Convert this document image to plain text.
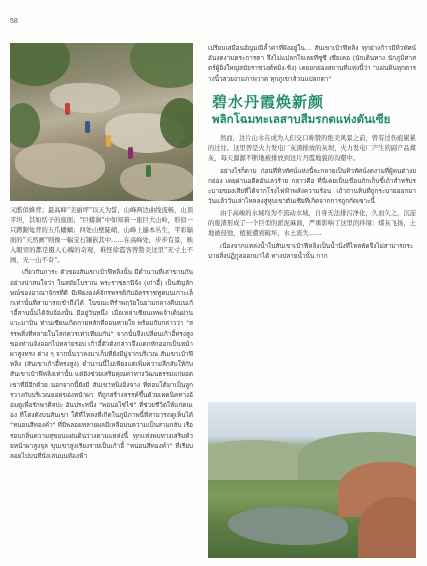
58

又酷似蜂背；最高峰“美丽坪”以天为誓，山峰两边曲线流畅，山顶平坦，其如恬子的座面；“巨蟒涧”中如知着一座巨大山岭，形似一只蹲踞龟背的五爪蟠螭；四处山壁陡峭，山峰上遍本丛生，平彩辐面的“天然画”则像一幅宝石镶嵌其中……在高峰处，步步有景，映入眼帘的都是摄人心魄的奇观，难怪徐霞客曾赞美这里“无寸土不画，无一山不奇”。

เกี่ยวกับภาระ ตัวของสันเขาเบ้าฟีหลิงนั้น มีตำนานที่เล่าขานกันอย่างน่าสนใจว่า ในสมัยโบราณ พระราชธานีจ้ง (เก่าอี้) เป็นสัญลักษณ์ของอาณาจักรที่ดี มีเพียงองค์จักรพรรดิกับอัครราชทูตบนเกาะเล็กเท่านั้นที่สามารถเข้าถึงได้ ในขณะที่รำพฤวัยในยามกลางคืนบนเก้าอี้สานนั้นได้จับจ้องนั้น มีอยู่วันหนึ่ง เมื่อเหล่าเซียนเทพเจ้าเดินผ่านแวะมาบิน ท่านเซียนเกิดกายหลักที่ถอนหายใจ พร้อมกับกล่าวว่า "สรรพสิ่งที่หลายในโลกควรเท่าเทียมกัน" จากนั้นจึงเปลี่ยนเก้าอี้ทรงสูงของท่านจ้งออกไปหลายรอบ เก้าอี้ตัวดังกล่าวจึงแตกหักออกเป็นหน้าผาสูงทรง ต่าง ๆ จากนั้นวาลงมาเก็บที่ยังมีมู่จากบริเวณ สันเขาเบ้าฟีหลิง (สันเขาเก้าอี้ทรงสูง) ตำนานนี้ไม่เพียงแต่เพิ่มความลึกลับให้กับสันเขาเบ้าฟีหลิงเท่านั้น แต่ยังช่วยเสริมคุณค่าทางวัฒนธรรมแก่ยอดเขาที่มีอีกด้วย นอกจากนี้ยังมี สันเขาหนิงอิงจาง ที่ตอบโต้มาเป็นลูกรวางกับบริเวณยอดของหน้าผา ที่ถูกสร้างสรรค์ขึ้นด้วยเทคนิคทางอ้อมดูเพื่อรักษาศิลปะ อันประหนึ่ง "พอนอไช่ไช่" ที่ช่วยชีวิตให้แก่ตนเอง ที่โด่งดังบนสันเขา ใต้ที่ไหลงที่เกิดในภูมิภาพนี้ที่สามารถดูเห็นได้ "หนอนสีทองคำ" ที่มีพลอยหลายผลมีเหลือบนความเป็นสามกลับ เรือรอบกลิ่นความสุขอบแผ่นดินว่างตามแหล่งนี้ ทุกแห่งพบทางเสริมด้วยหน้าผาสูงจุล ขุนเขาสูงเรียงรายเป็นเก้าอี้ "หนอนสีทองคำ" ที่เรียบลอยไปบนที่นั่งเล่นบนท้องฟ้า

เปรียบเสมือนอัญมณีล้ำค่าที่ฝังอยู่ใน... สันเขาเบ้าฟีหลิง ทุกย่างก้าวมีทิวทัศน์อันงดงามตระการตา จึงไม่แปลกใจเลยที่ซูซี เซี่ยเคอ (นักเดินทาง นักภูมิศาสตร์ผู้ยิ่งใหญ่สมัยราชวงศ์หมิง-ชิง) เคยยกย่องสถานที่แห่งนี้ว่า "แผ่นดินทุกตารางนิ้วสวยงามภาพวาด ทุกภูเขาล้วนแปลกตา"

碧水丹霞焕新颜
พลิกโฉมทะเลสาบสีมรกตแห่งตันเซีย

然而，这片山水在成为人们交口称赞的绝美风景之前，曾有过伤痕累累的过往。这里曾是火力发电厂灰渣排放的灰坝，火力发电厂产生的副产品煤灰，每天源源不断地被排放到这片丹霞地貌的沟壑中。

อย่างไรก็ตาม ก่อนที่ทิวทัศน์แห่งนี้จะกลายเป็นทิวทัศน์งดงามที่ผู้คนต่างยกย่อง เคยผ่านอดีตอันเลวร้าย กล่าวคือ ที่นี่เคยเป็นเขื่อนกักเก็บขี้เถ้าสำหรับระบายของเสียที่ได้จากโรงไฟฟ้าพลังความร้อน เถ้าถ่านหินที่ถูกระบายออกมาวันแล้ววันเล่าไหลลงสู่หุบเขาตันเซียที่เกิดจากการถูกกัดเซาะนี้

由于高峻的水域均为不流动水域，自身无法排污净化，久而久之，沉淀的废渣形成了一个巨型的淤泥麻面，严重影响了这里的环境：煤灰飞扬，土地被侵蚀，植被遭到破坏，水土流失……

เนื่องจากแหล่งน้ำในสันเขาเบ้าฟีหลิงเป็นน้ำนิ่งที่ไหลพัดจึงไม่สามารถระบายสิ่งปฏิกูลออกมาได้ ทางปลายน้ำนั้น กาก
